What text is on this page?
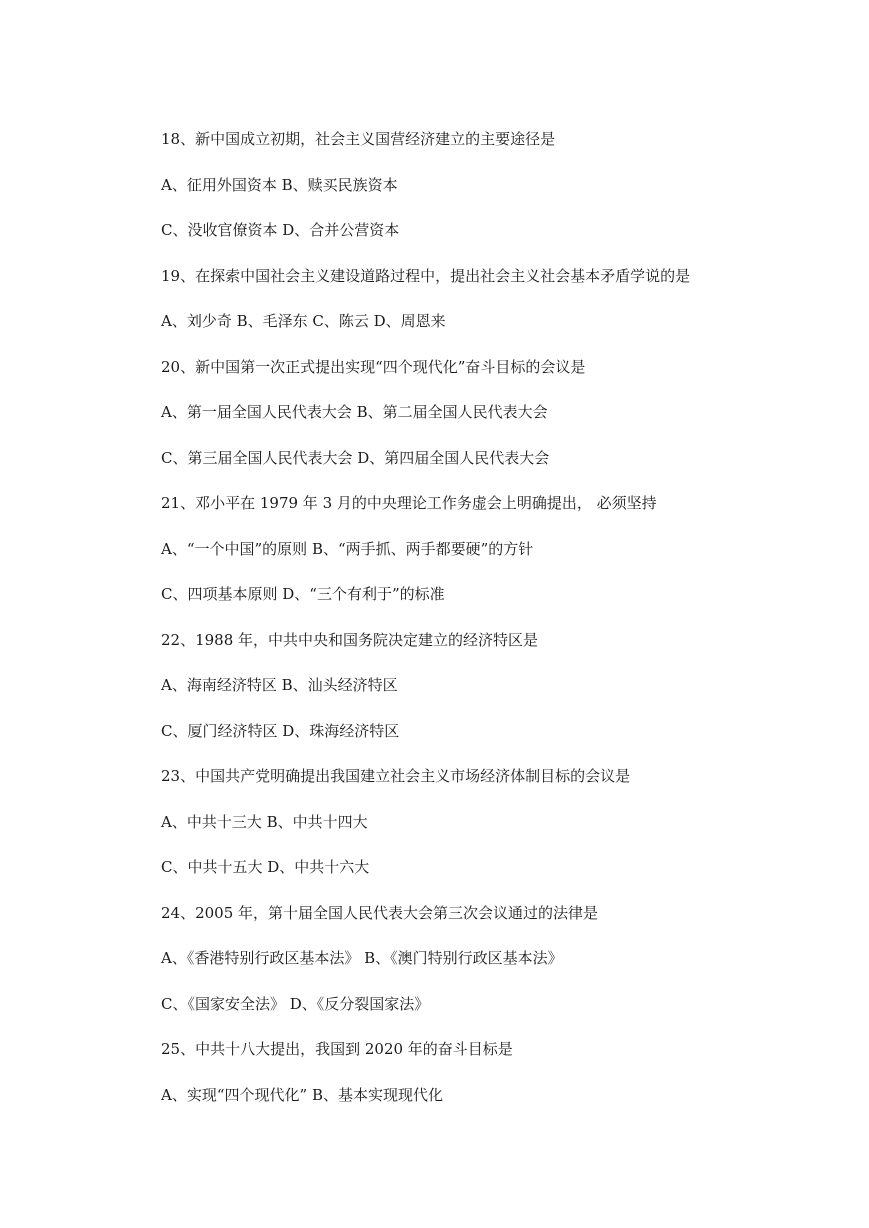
18、新中国成立初期，社会主义国营经济建立的主要途径是
A、征用外国资本 B、赎买民族资本
C、没收官僚资本 D、合并公营资本
19、在探索中国社会主义建设道路过程中，提出社会主义社会基本矛盾学说的是
A、刘少奇 B、毛泽东 C、陈云 D、周恩来
20、新中国第一次正式提出实现“四个现代化”奋斗目标的会议是
A、第一届全国人民代表大会 B、第二届全国人民代表大会
C、第三届全国人民代表大会 D、第四届全国人民代表大会
21、邓小平在 1979 年 3 月的中央理论工作务虚会上明确提出， 必须坚持
A、“一个中国”的原则 B、“两手抓、两手都要硬”的方针
C、四项基本原则 D、“三个有利于”的标准
22、1988 年，中共中央和国务院决定建立的经济特区是
A、海南经济特区 B、汕头经济特区
C、厦门经济特区 D、珠海经济特区
23、中国共产党明确提出我国建立社会主义市场经济体制目标的会议是
A、中共十三大 B、中共十四大
C、中共十五大 D、中共十六大
24、2005 年，第十届全国人民代表大会第三次会议通过的法律是
A、《香港特别行政区基本法》 B、《澳门特别行政区基本法》
C、《国家安全法》 D、《反分裂国家法》
25、中共十八大提出，我国到 2020 年的奋斗目标是
A、实现“四个现代化” B、基本实现现代化
